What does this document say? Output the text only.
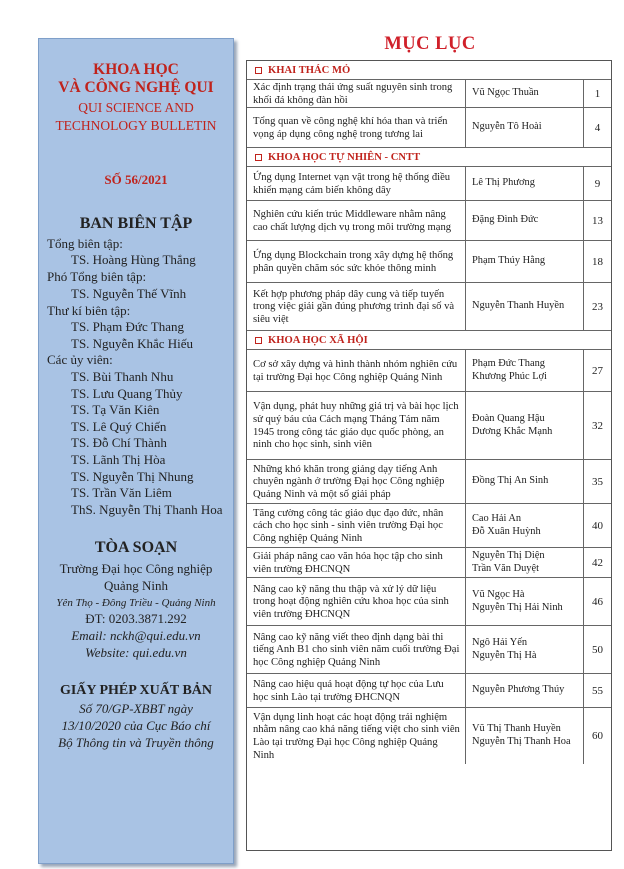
KHOA HỌC
VÀ CÔNG NGHỆ QUI
QUI SCIENCE AND
TECHNOLOGY BULLETIN
SỐ 56/2021
BAN BIÊN TẬP
Tổng biên tập:
TS. Hoàng Hùng Thắng
Phó Tổng biên tập:
TS. Nguyễn Thế Vĩnh
Thư kí biên tập:
TS. Phạm Đức Thang
TS. Nguyễn Khắc Hiếu
Các ủy viên:
TS. Bùi Thanh Nhu
TS. Lưu Quang Thủy
TS. Tạ Văn Kiên
TS. Lê Quý Chiến
TS. Đỗ Chí Thành
TS. Lãnh Thị Hòa
TS. Nguyễn Thị Nhung
TS. Trần Văn Liêm
ThS. Nguyễn Thị Thanh Hoa
TÒA SOẠN
Trường Đại học Công nghiệp
Quảng Ninh
Yên Thọ - Đông Triều - Quảng Ninh
ĐT: 0203.3871.292
Email: nckh@qui.edu.vn
Website: qui.edu.vn
GIẤY PHÉP XUẤT BẢN
Số 70/GP-XBBT ngày
13/10/2020 của Cục Báo chí
Bộ Thông tin và Truyền thông
MỤC LỤC
KHAI THÁC MỎ
Xác định trạng thái ứng suất nguyên sinh trong khối đá không đàn hồi
Vũ Ngọc Thuần	1
Tổng quan về công nghệ khí hóa than và triển vọng áp dụng công nghệ trong tương lai
Nguyễn Tô Hoài	4
KHOA HỌC TỰ NHIÊN - CNTT
Ứng dụng Internet vạn vật trong hệ thống điều khiển mạng cảm biến không dây
Lê Thị Phương	9
Nghiên cứu kiến trúc Middleware nhằm nâng cao chất lượng dịch vụ trong môi trường mạng
Đặng Đình Đức	13
Ứng dụng Blockchain trong xây dựng hệ thống phân quyền chăm sóc sức khỏe thông minh
Phạm Thúy Hằng	18
Kết hợp phương pháp dây cung và tiếp tuyến trong việc giải gần đúng phương trình đại số và siêu việt
Nguyễn Thanh Huyền	23
KHOA HỌC XÃ HỘI
Cơ sở xây dựng và hình thành nhóm nghiên cứu tại trường Đại học Công nghiệp Quảng Ninh
Phạm Đức Thang
Khương Phúc Lợi	27
Vận dụng, phát huy những giá trị và bài học lịch sử quý báu của Cách mạng Tháng Tám năm 1945 trong công tác giáo dục quốc phòng, an ninh cho học sinh, sinh viên
Đoàn Quang Hậu
Dương Khắc Mạnh	32
Những khó khăn trong giảng dạy tiếng Anh chuyên ngành ở trường Đại học Công nghiệp Quảng Ninh và một số giải pháp
Đồng Thị An Sinh	35
Tăng cường công tác giáo dục đạo đức, nhân cách cho học sinh - sinh viên trường Đại học Công nghiệp Quảng Ninh
Cao Hải An
Đỗ Xuân Huỳnh	40
Giải pháp nâng cao văn hóa học tập cho sinh viên trường ĐHCNQN
Nguyễn Thị Diện
Trần Văn Duyệt	42
Nâng cao kỹ năng thu thập và xử lý dữ liệu trong hoạt động nghiên cứu khoa học của sinh viên trường ĐHCNQN
Vũ Ngọc Hà
Nguyễn Thị Hải Ninh	46
Nâng cao kỹ năng viết theo định dạng bài thi tiếng Anh B1 cho sinh viên năm cuối trường Đại học Công nghiệp Quảng Ninh
Ngô Hải Yến
Nguyễn Thị Hà	50
Nâng cao hiệu quả hoạt động tự học của Lưu học sinh Lào tại trường ĐHCNQN
Nguyễn Phương Thúy	55
Vận dụng linh hoạt các hoạt động trải nghiệm nhằm nâng cao khả năng tiếng việt cho sinh viên Lào tại trường Đại học Công nghiệp Quảng Ninh
Vũ Thị Thanh Huyền
Nguyễn Thị Thanh Hoa	60
